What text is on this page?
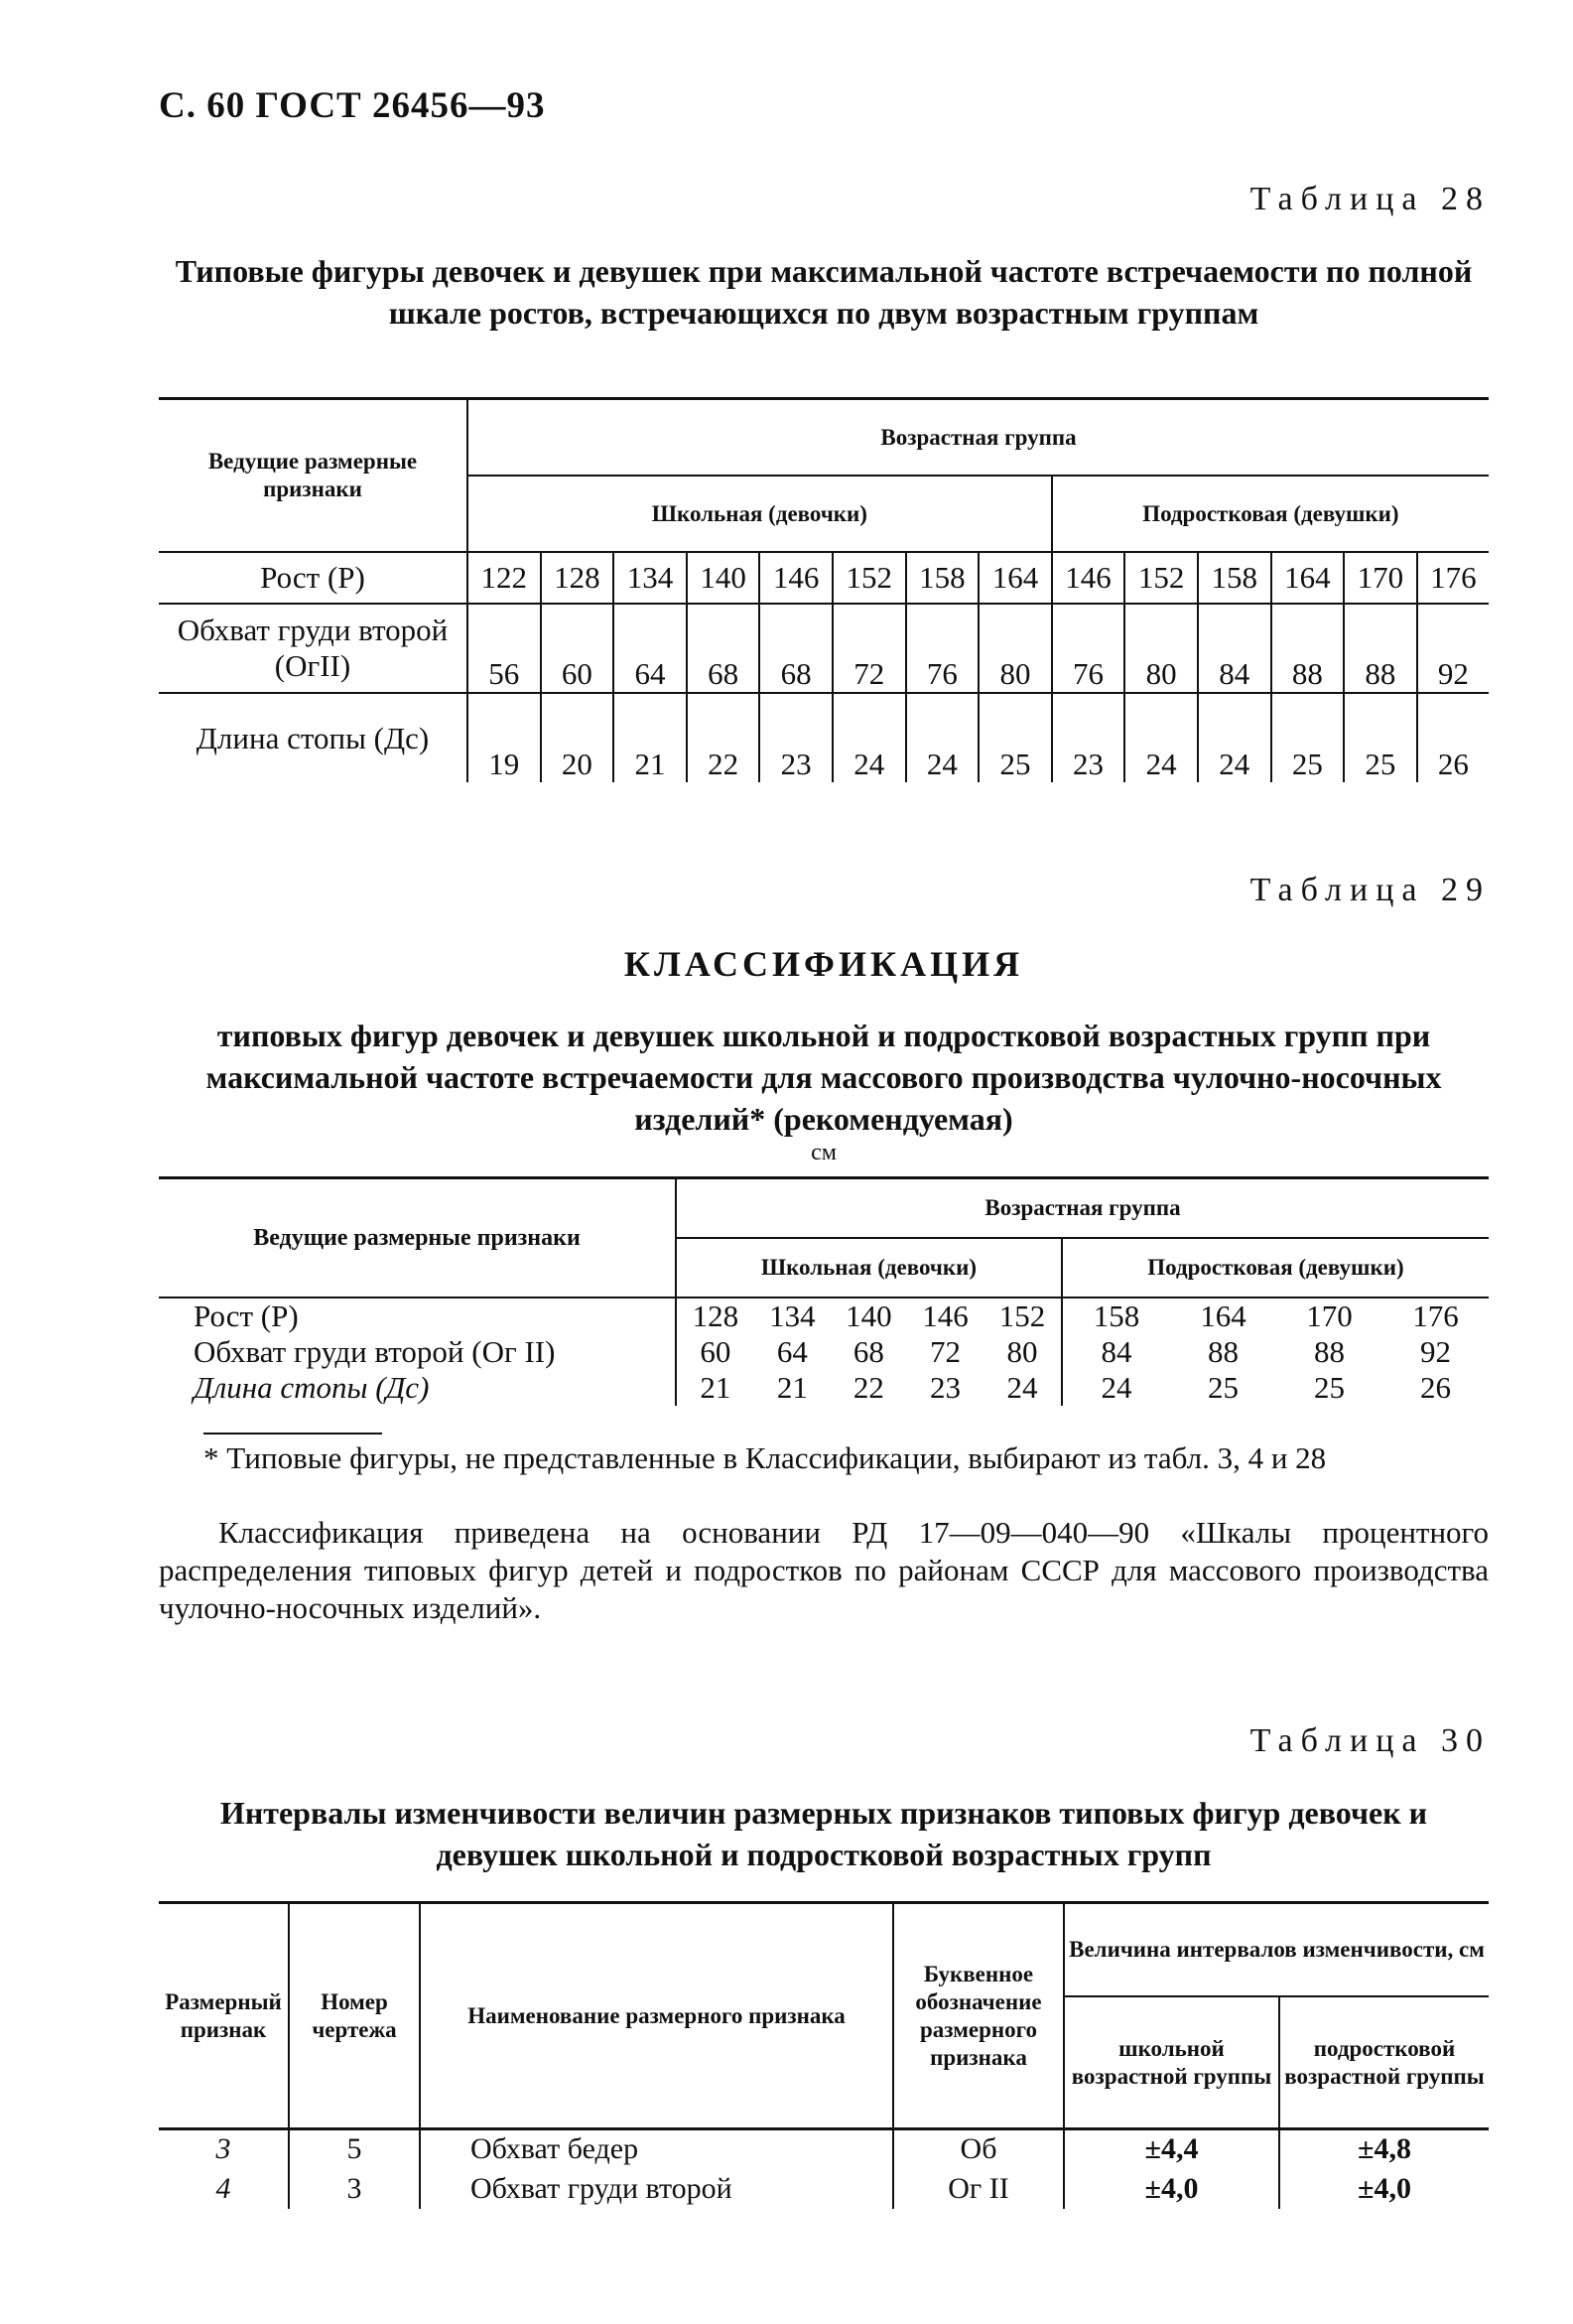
С. 60 ГОСТ 26456—93
Таблица 28
Типовые фигуры девочек и девушек при максимальной частоте встречаемости по полной шкале ростов, встречающихся по двум возрастным группам
Ведущие размерные признаки	Возрастная группа													
	Школьная (девочки)								Подростковая (девушки)					
Рост (Р)	122	128	134	140	146	152	158	164	146	152	158	164	170	176
Обхват груди второй (ОгII)	56	60	64	68	68	72	76	80	76	80	84	88	88	92
Длина стопы (Дс)	19	20	21	22	23	24	24	25	23	24	24	25	25	26
Таблица 29
КЛАССИФИКАЦИЯ
типовых фигур девочек и девушек школьной и подростковой возрастных групп при максимальной частоте встречаемости для массового производства чулочно-носочных изделий* (рекомендуемая)
см
Ведущие размерные признаки	Возрастная группа								
	Школьная (девочки)					Подростковая (девушки)			
Рост (Р)	128	134	140	146	152	158	164	170	176
Обхват груди второй (Ог II)	60	64	68	72	80	84	88	88	92
Длина стопы (Дс)	21	21	22	23	24	24	25	25	26
* Типовые фигуры, не представленные в Классификации, выбирают из табл. 3, 4 и 28
Классификация приведена на основании РД 17—09—040—90 «Шкалы процентного распределения типовых фигур детей и подростков по районам СССР для массового производства чулочно-носочных изделий».
Таблица 30
Интервалы изменчивости величин размерных признаков типовых фигур девочек и девушек школьной и подростковой возрастных групп
Размерный признак	Номер чертежа	Наименование размерного признака	Буквенное обозначение размерного признака	Величина интервалов изменчивости, см	
				школьной возрастной группы	подростковой возрастной группы
3	5	Обхват бедер	Об	±4,4	±4,8
4	3	Обхват груди второй	Ог II	±4,0	±4,0
